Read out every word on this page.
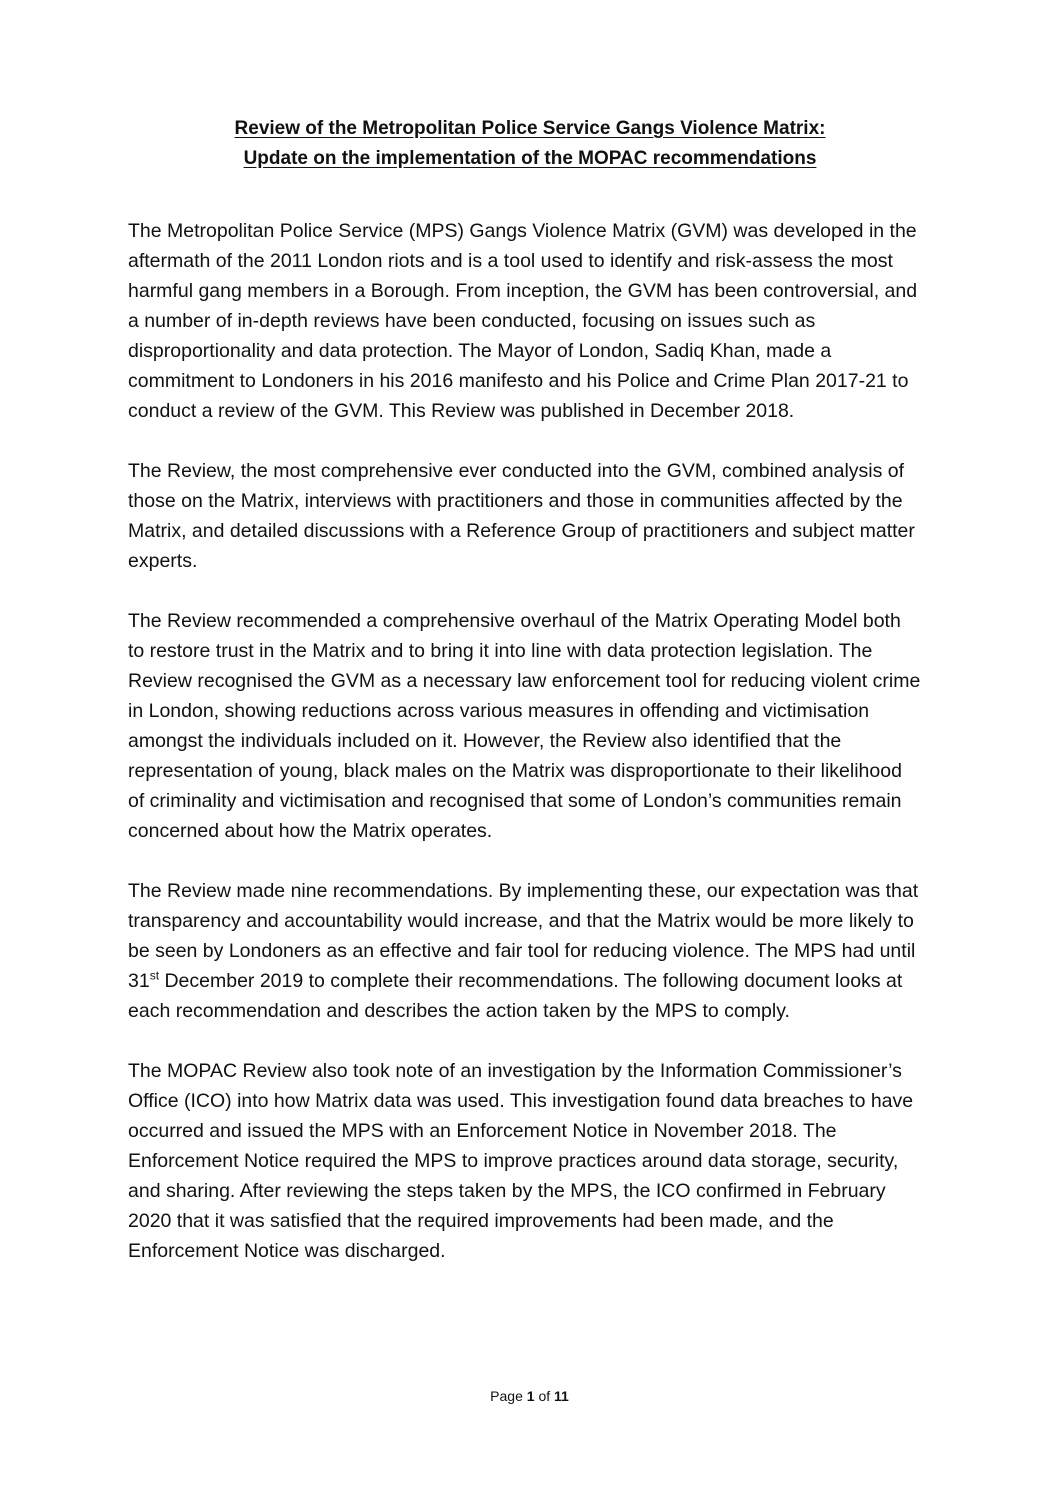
Review of the Metropolitan Police Service Gangs Violence Matrix:
Update on the implementation of the MOPAC recommendations
The Metropolitan Police Service (MPS) Gangs Violence Matrix (GVM) was developed in the
aftermath of the 2011 London riots and is a tool used to identify and risk-assess the most
harmful gang members in a Borough. From inception, the GVM has been controversial, and
a number of in-depth reviews have been conducted, focusing on issues such as
disproportionality and data protection. The Mayor of London, Sadiq Khan, made a
commitment to Londoners in his 2016 manifesto and his Police and Crime Plan 2017-21 to
conduct a review of the GVM. This Review was published in December 2018.
The Review, the most comprehensive ever conducted into the GVM, combined analysis of
those on the Matrix, interviews with practitioners and those in communities affected by the
Matrix, and detailed discussions with a Reference Group of practitioners and subject matter
experts.
The Review recommended a comprehensive overhaul of the Matrix Operating Model both
to restore trust in the Matrix and to bring it into line with data protection legislation. The
Review recognised the GVM as a necessary law enforcement tool for reducing violent crime
in London, showing reductions across various measures in offending and victimisation
amongst the individuals included on it. However, the Review also identified that the
representation of young, black males on the Matrix was disproportionate to their likelihood
of criminality and victimisation and recognised that some of London’s communities remain
concerned about how the Matrix operates.
The Review made nine recommendations. By implementing these, our expectation was that
transparency and accountability would increase, and that the Matrix would be more likely to
be seen by Londoners as an effective and fair tool for reducing violence. The MPS had until
31st December 2019 to complete their recommendations. The following document looks at
each recommendation and describes the action taken by the MPS to comply.
The MOPAC Review also took note of an investigation by the Information Commissioner’s
Office (ICO) into how Matrix data was used. This investigation found data breaches to have
occurred and issued the MPS with an Enforcement Notice in November 2018. The
Enforcement Notice required the MPS to improve practices around data storage, security,
and sharing. After reviewing the steps taken by the MPS, the ICO confirmed in February
2020 that it was satisfied that the required improvements had been made, and the
Enforcement Notice was discharged.
Page 1 of 11
